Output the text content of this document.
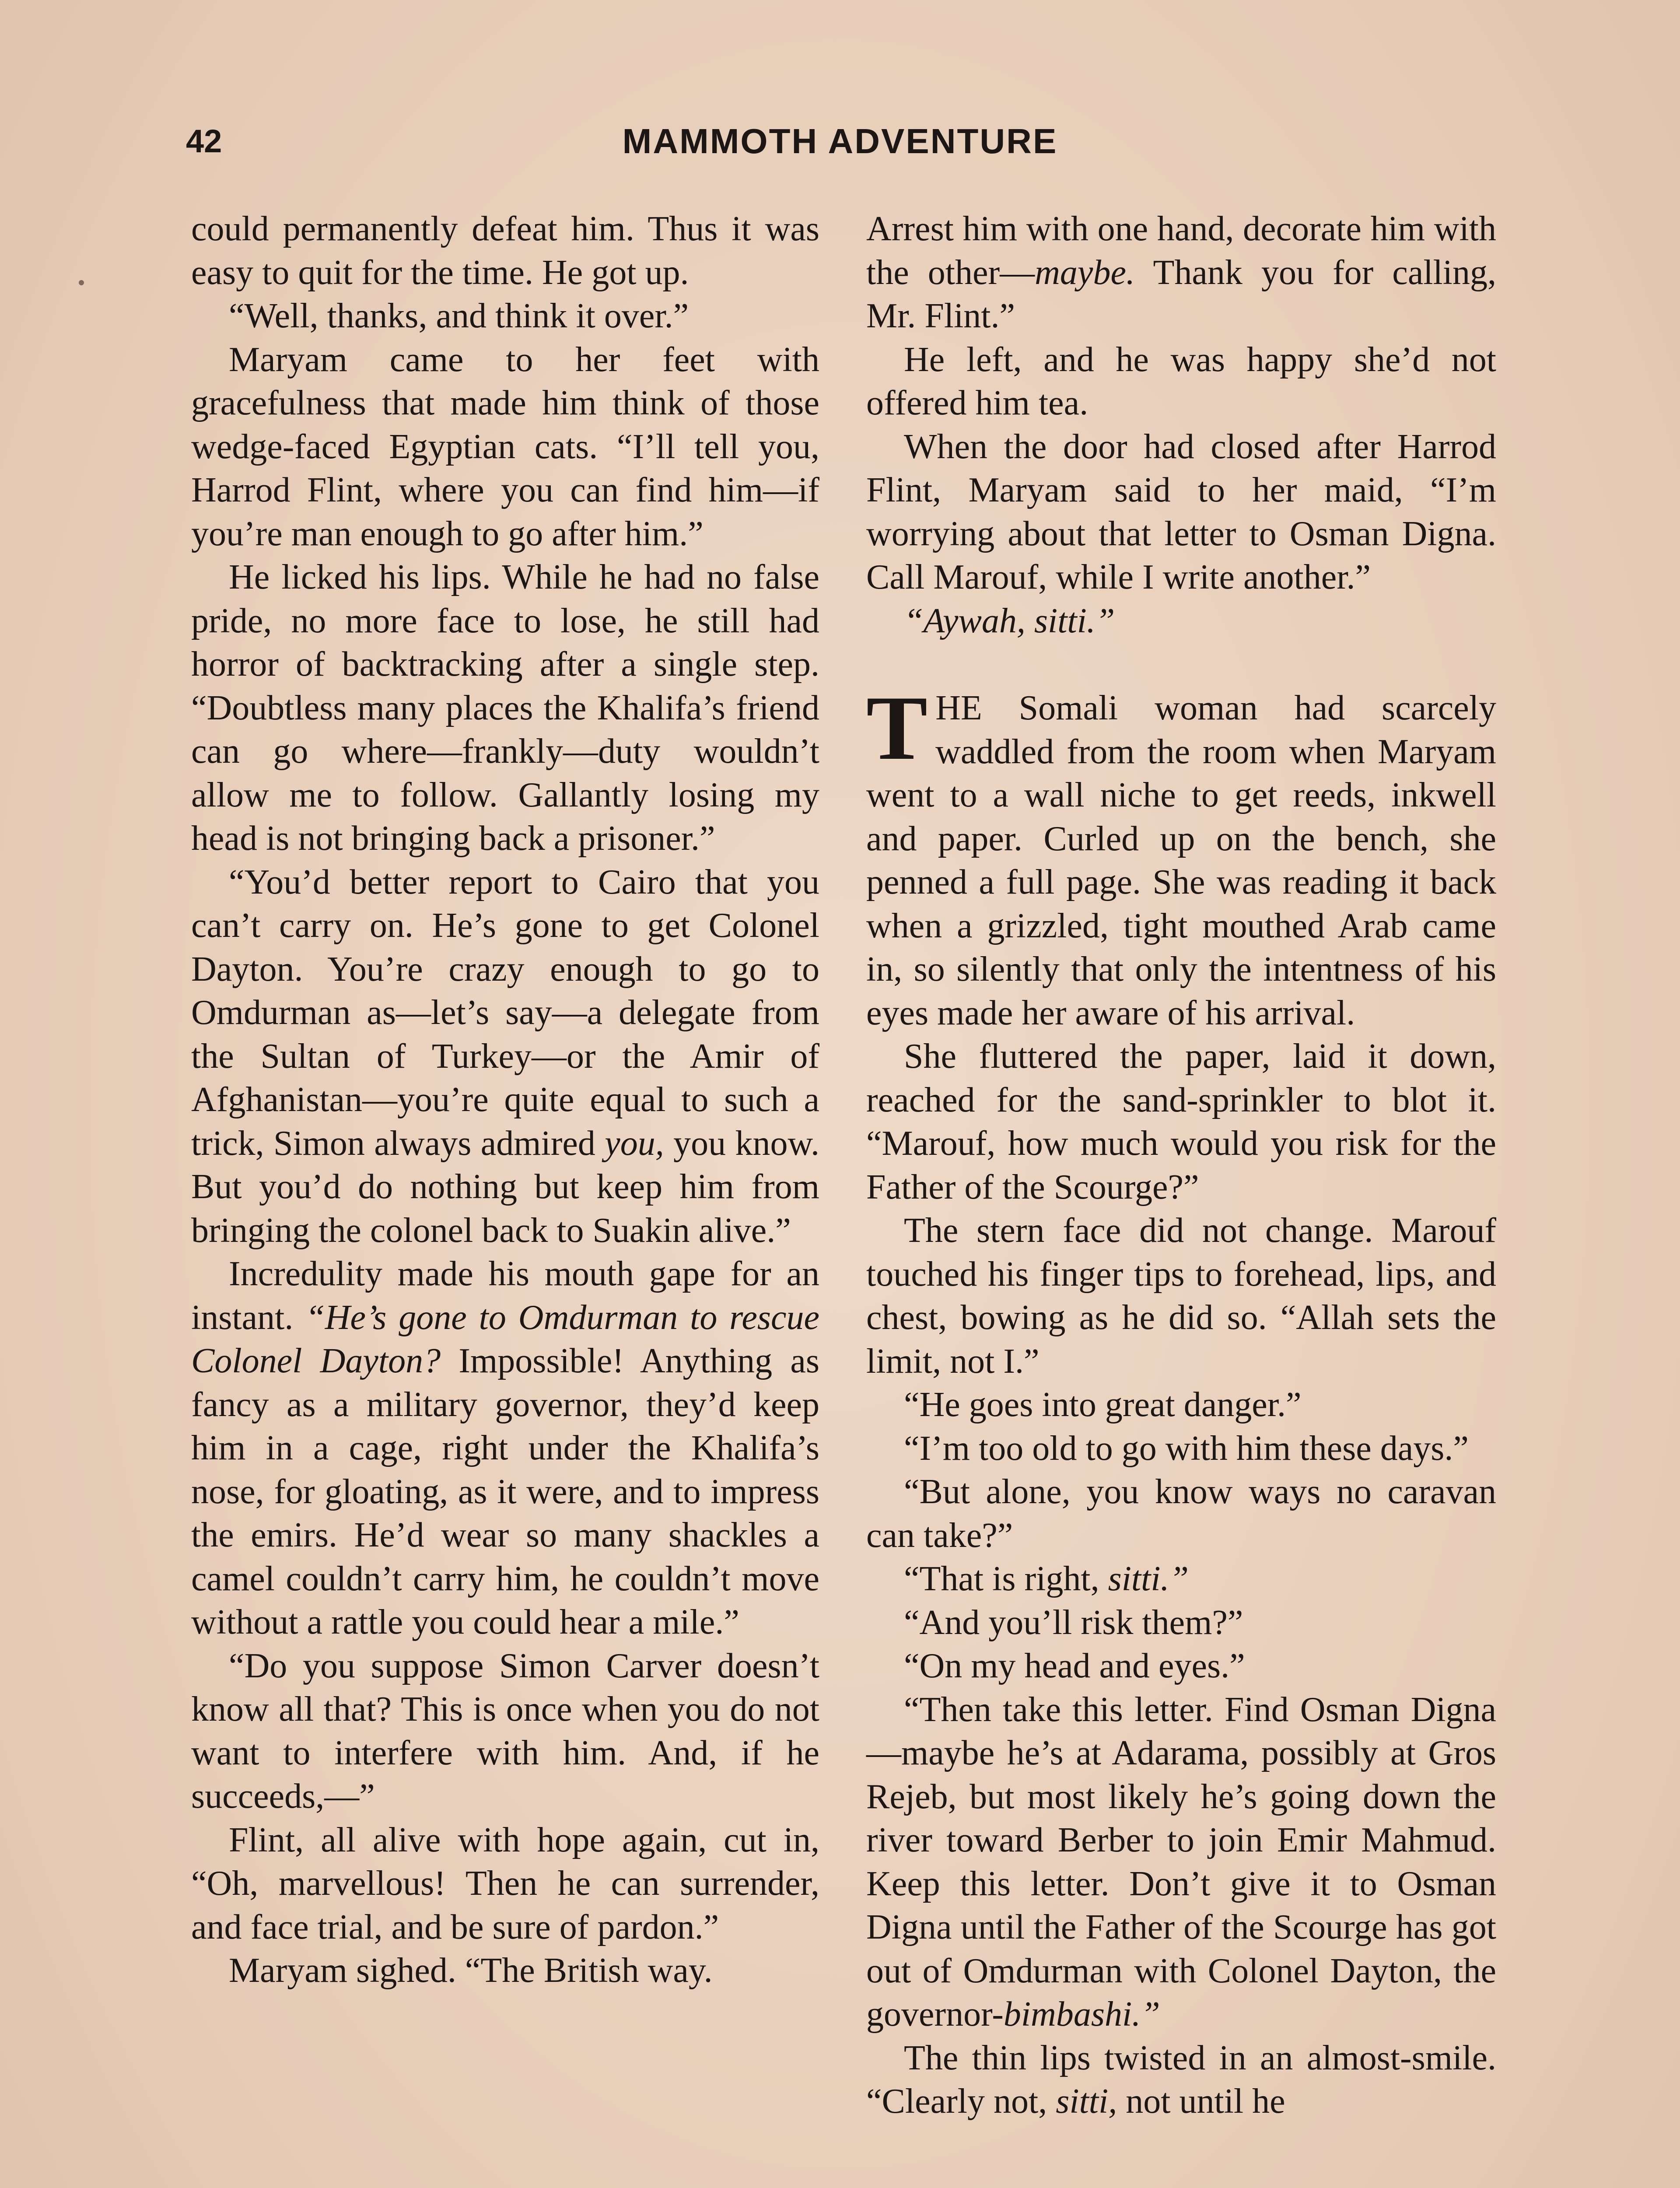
42	MAMMOTH ADVENTURE

could permanently defeat him. Thus it was easy to quit for the time. He got up.

“Well, thanks, and think it over.”

Maryam came to her feet with gracefulness that made him think of those wedge-faced Egyptian cats. “I’ll tell you, Harrod Flint, where you can find him—if you’re man enough to go after him.”

He licked his lips. While he had no false pride, no more face to lose, he still had horror of backtracking after a single step. “Doubtless many places the Khalifa’s friend can go where—frankly—duty wouldn’t allow me to follow. Gallantly losing my head is not bringing back a prisoner.”

“You’d better report to Cairo that you can’t carry on. He’s gone to get Colonel Dayton. You’re crazy enough to go to Omdurman as—let’s say—a delegate from the Sultan of Turkey—or the Amir of Afghanistan—you’re quite equal to such a trick, Simon always admired you, you know. But you’d do nothing but keep him from bringing the colonel back to Suakin alive.”

Incredulity made his mouth gape for an instant. “He’s gone to Omdurman to rescue Colonel Dayton? Impossible! Anything as fancy as a military governor, they’d keep him in a cage, right under the Khalifa’s nose, for gloating, as it were, and to impress the emirs. He’d wear so many shackles a camel couldn’t carry him, he couldn’t move without a rattle you could hear a mile.”

“Do you suppose Simon Carver doesn’t know all that? This is once when you do not want to interfere with him. And, if he succeeds,—”

Flint, all alive with hope again, cut in, “Oh, marvellous! Then he can surrender, and face trial, and be sure of pardon.”

Maryam sighed. “The British way.

Arrest him with one hand, decorate him with the other—maybe. Thank you for calling, Mr. Flint.”

He left, and he was happy she’d not offered him tea.

When the door had closed after Harrod Flint, Maryam said to her maid, “I’m worrying about that letter to Osman Digna. Call Marouf, while I write another.”

“Aywah, sitti.”

THE Somali woman had scarcely waddled from the room when Maryam went to a wall niche to get reeds, inkwell and paper. Curled up on the bench, she penned a full page. She was reading it back when a grizzled, tight mouthed Arab came in, so silently that only the intentness of his eyes made her aware of his arrival.

She fluttered the paper, laid it down, reached for the sand-sprinkler to blot it. “Marouf, how much would you risk for the Father of the Scourge?”

The stern face did not change. Marouf touched his finger tips to forehead, lips, and chest, bowing as he did so. “Allah sets the limit, not I.”

“He goes into great danger.”

“I’m too old to go with him these days.”

“But alone, you know ways no caravan can take?”

“That is right, sitti.”

“And you’ll risk them?”

“On my head and eyes.”

“Then take this letter. Find Osman Digna—maybe he’s at Adarama, possibly at Gros Rejeb, but most likely he’s going down the river toward Berber to join Emir Mahmud. Keep this letter. Don’t give it to Osman Digna until the Father of the Scourge has got out of Omdurman with Colonel Dayton, the governor-bimbashi.”

The thin lips twisted in an almost-smile. “Clearly not, sitti, not until he
